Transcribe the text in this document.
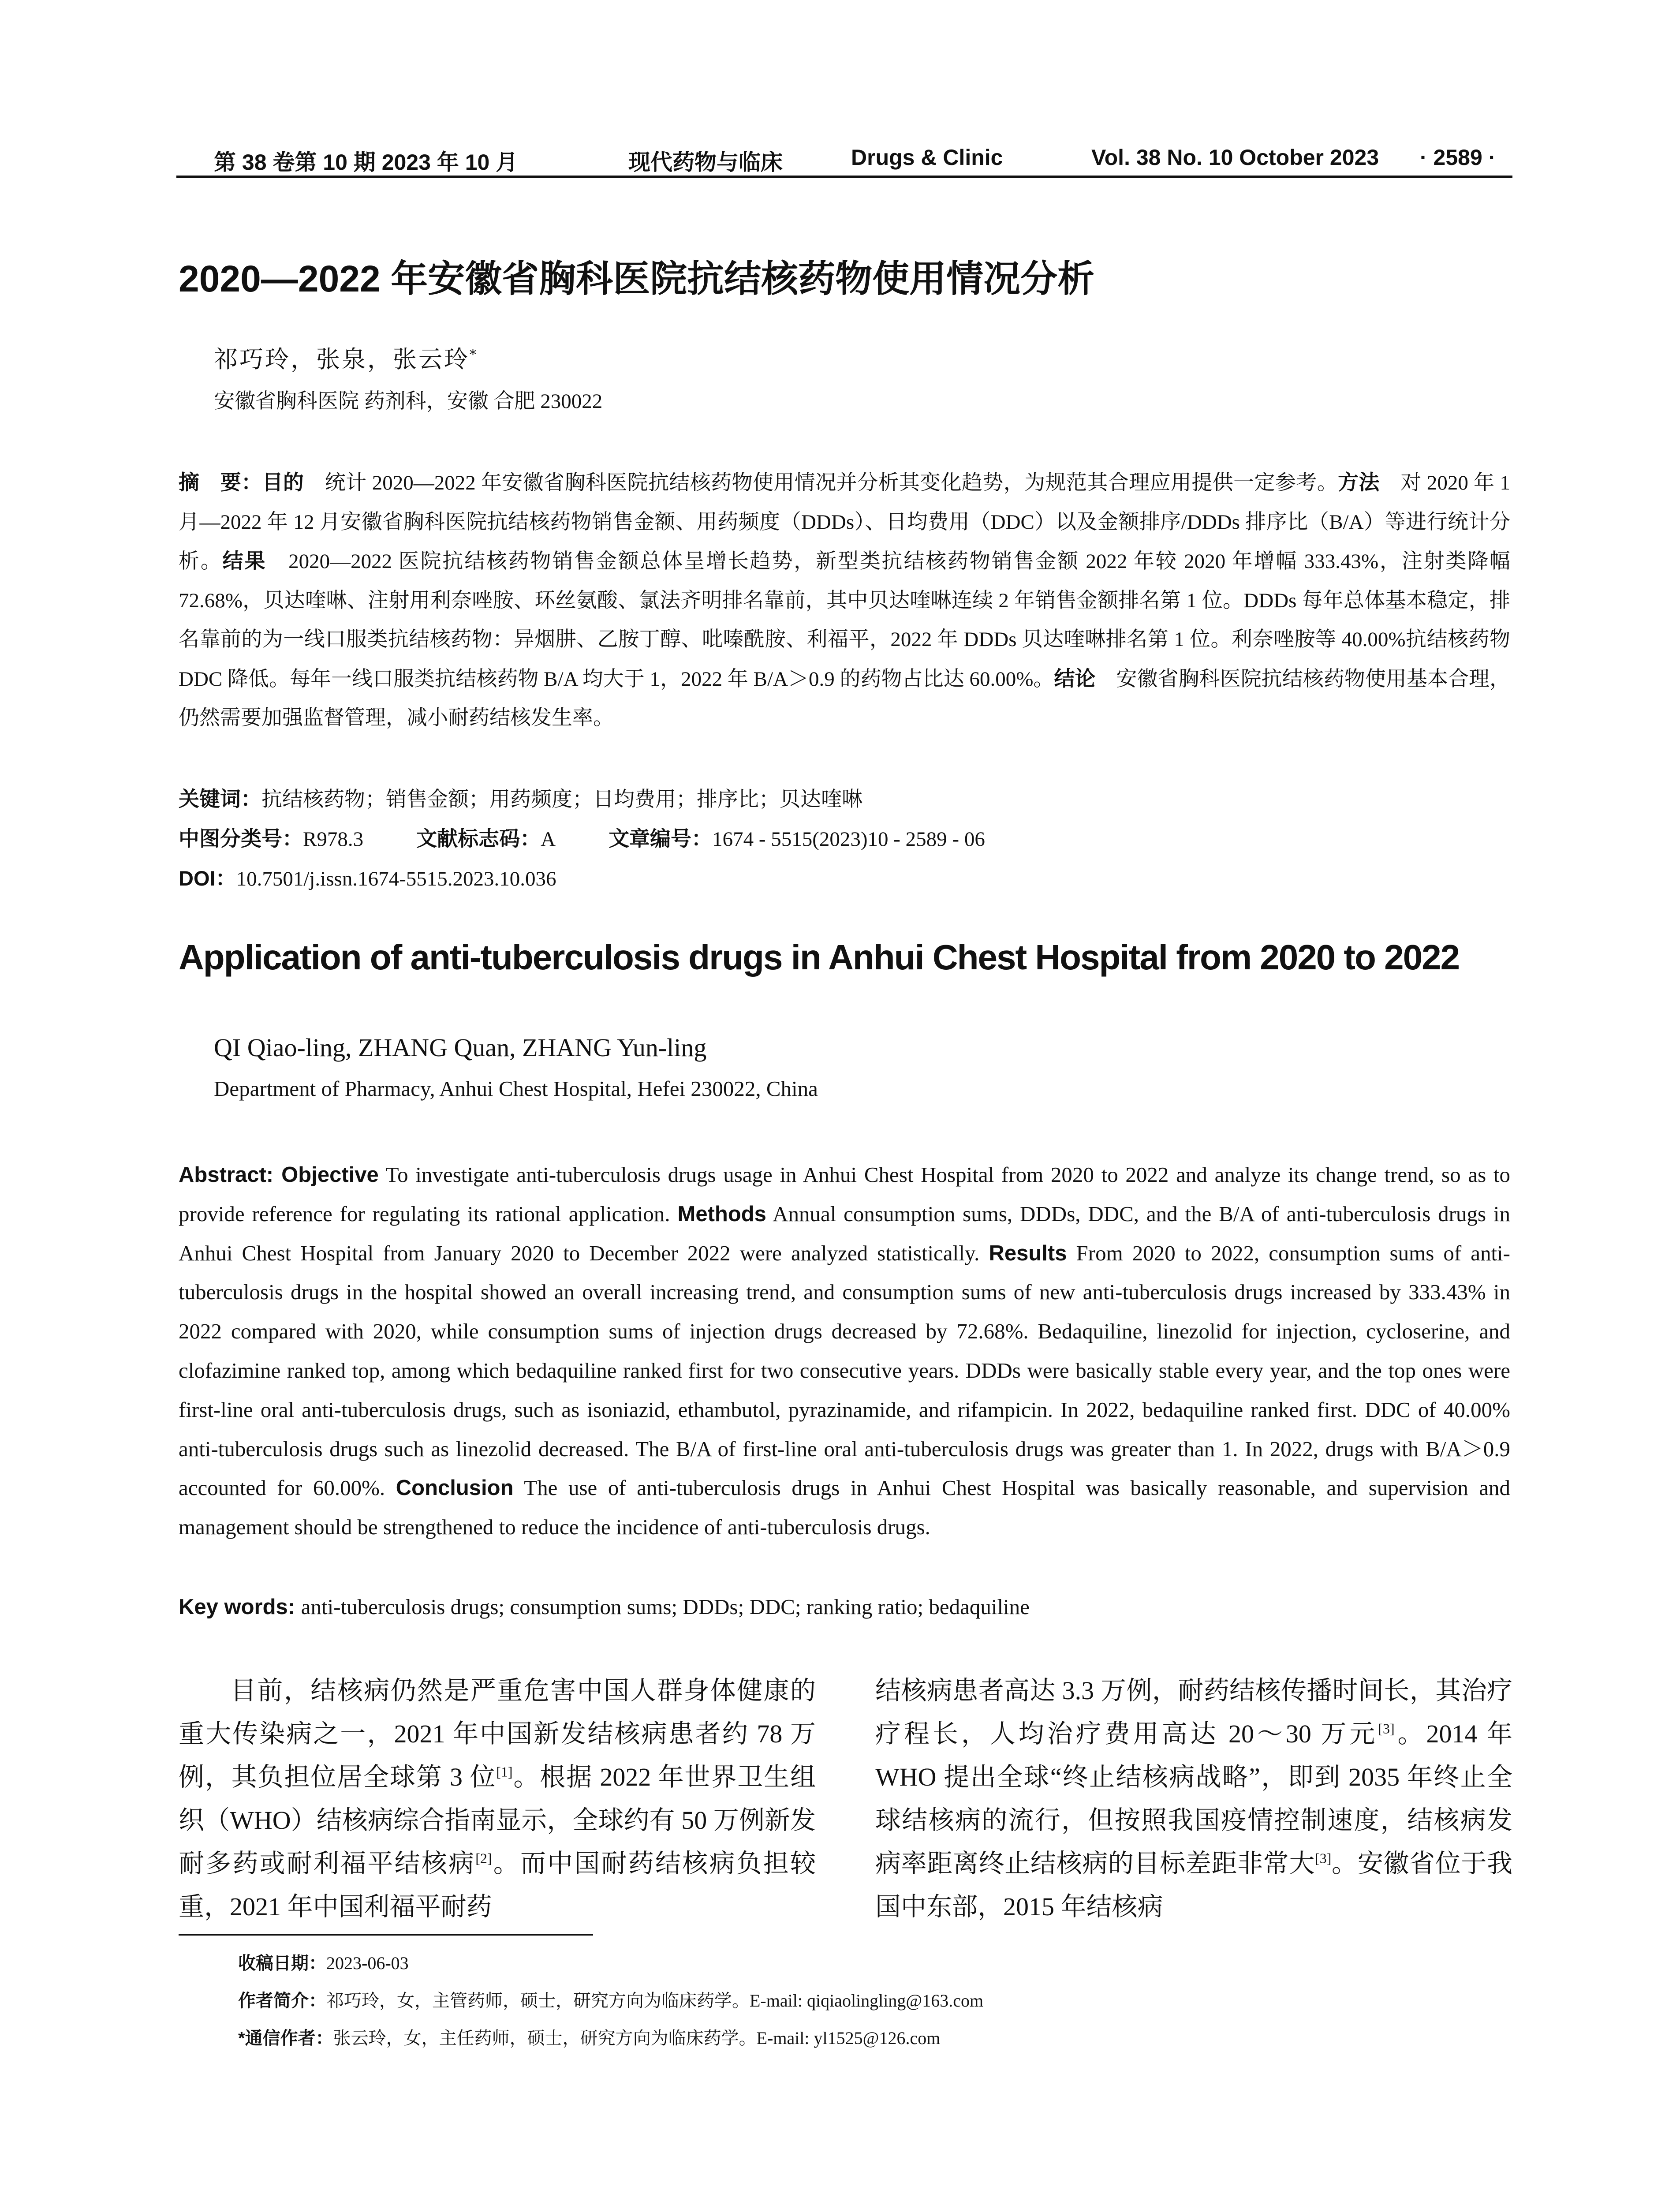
第 38 卷第 10 期 2023 年 10 月	现代药物与临床	Drugs & Clinic	Vol. 38 No. 10 October 2023 · 2589 ·
2020—2022 年安徽省胸科医院抗结核药物使用情况分析
祁巧玲，张泉，张云玲*
安徽省胸科医院 药剂科，安徽 合肥 230022
摘　要：目的　统计 2020—2022 年安徽省胸科医院抗结核药物使用情况并分析其变化趋势，为规范其合理应用提供一定参考。方法　对 2020 年 1 月—2022 年 12 月安徽省胸科医院抗结核药物销售金额、用药频度（DDDs）、日均费用（DDC）以及金额排序/DDDs 排序比（B/A）等进行统计分析。结果　2020—2022 医院抗结核药物销售金额总体呈增长趋势，新型类抗结核药物销售金额 2022 年较 2020 年增幅 333.43%，注射类降幅 72.68%，贝达喹啉、注射用利奈唑胺、环丝氨酸、氯法齐明排名靠前，其中贝达喹啉连续 2 年销售金额排名第 1 位。DDDs 每年总体基本稳定，排名靠前的为一线口服类抗结核药物：异烟肼、乙胺丁醇、吡嗪酰胺、利福平，2022 年 DDDs 贝达喹啉排名第 1 位。利奈唑胺等 40.00%抗结核药物 DDC 降低。每年一线口服类抗结核药物 B/A 均大于 1，2022 年 B/A＞0.9 的药物占比达 60.00%。结论　安徽省胸科医院抗结核药物使用基本合理，仍然需要加强监督管理，减小耐药结核发生率。
关键词：抗结核药物；销售金额；用药频度；日均费用；排序比；贝达喹啉
中图分类号：R978.3	文献标志码：A	文章编号：1674 - 5515(2023)10 - 2589 - 06
DOI：10.7501/j.issn.1674-5515.2023.10.036
Application of anti-tuberculosis drugs in Anhui Chest Hospital from 2020 to 2022
QI Qiao-ling, ZHANG Quan, ZHANG Yun-ling
Department of Pharmacy, Anhui Chest Hospital, Hefei 230022, China
Abstract: Objective To investigate anti-tuberculosis drugs usage in Anhui Chest Hospital from 2020 to 2022 and analyze its change trend, so as to provide reference for regulating its rational application. Methods Annual consumption sums, DDDs, DDC, and the B/A of anti-tuberculosis drugs in Anhui Chest Hospital from January 2020 to December 2022 were analyzed statistically. Results From 2020 to 2022, consumption sums of anti-tuberculosis drugs in the hospital showed an overall increasing trend, and consumption sums of new anti-tuberculosis drugs increased by 333.43% in 2022 compared with 2020, while consumption sums of injection drugs decreased by 72.68%. Bedaquiline, linezolid for injection, cycloserine, and clofazimine ranked top, among which bedaquiline ranked first for two consecutive years. DDDs were basically stable every year, and the top ones were first-line oral anti-tuberculosis drugs, such as isoniazid, ethambutol, pyrazinamide, and rifampicin. In 2022, bedaquiline ranked first. DDC of 40.00% anti-tuberculosis drugs such as linezolid decreased. The B/A of first-line oral anti-tuberculosis drugs was greater than 1. In 2022, drugs with B/A＞0.9 accounted for 60.00%. Conclusion The use of anti-tuberculosis drugs in Anhui Chest Hospital was basically reasonable, and supervision and management should be strengthened to reduce the incidence of anti-tuberculosis drugs.
Key words: anti-tuberculosis drugs; consumption sums; DDDs; DDC; ranking ratio; bedaquiline
目前，结核病仍然是严重危害中国人群身体健康的重大传染病之一，2021 年中国新发结核病患者约 78 万例，其负担位居全球第 3 位[1]。根据 2022 年世界卫生组织（WHO）结核病综合指南显示，全球约有 50 万例新发耐多药或耐利福平结核病[2]。而中国耐药结核病负担较重，2021 年中国利福平耐药
结核病患者高达 3.3 万例，耐药结核传播时间长，其治疗疗程长，人均治疗费用高达 20～30 万元[3]。2014 年 WHO 提出全球“终止结核病战略”，即到 2035 年终止全球结核病的流行，但按照我国疫情控制速度，结核病发病率距离终止结核病的目标差距非常大[3]。安徽省位于我国中东部，2015 年结核病
收稿日期：2023-06-03
作者简介：祁巧玲，女，主管药师，硕士，研究方向为临床药学。E-mail: qiqiaolingling@163.com
*通信作者：张云玲，女，主任药师，硕士，研究方向为临床药学。E-mail: yl1525@126.com
